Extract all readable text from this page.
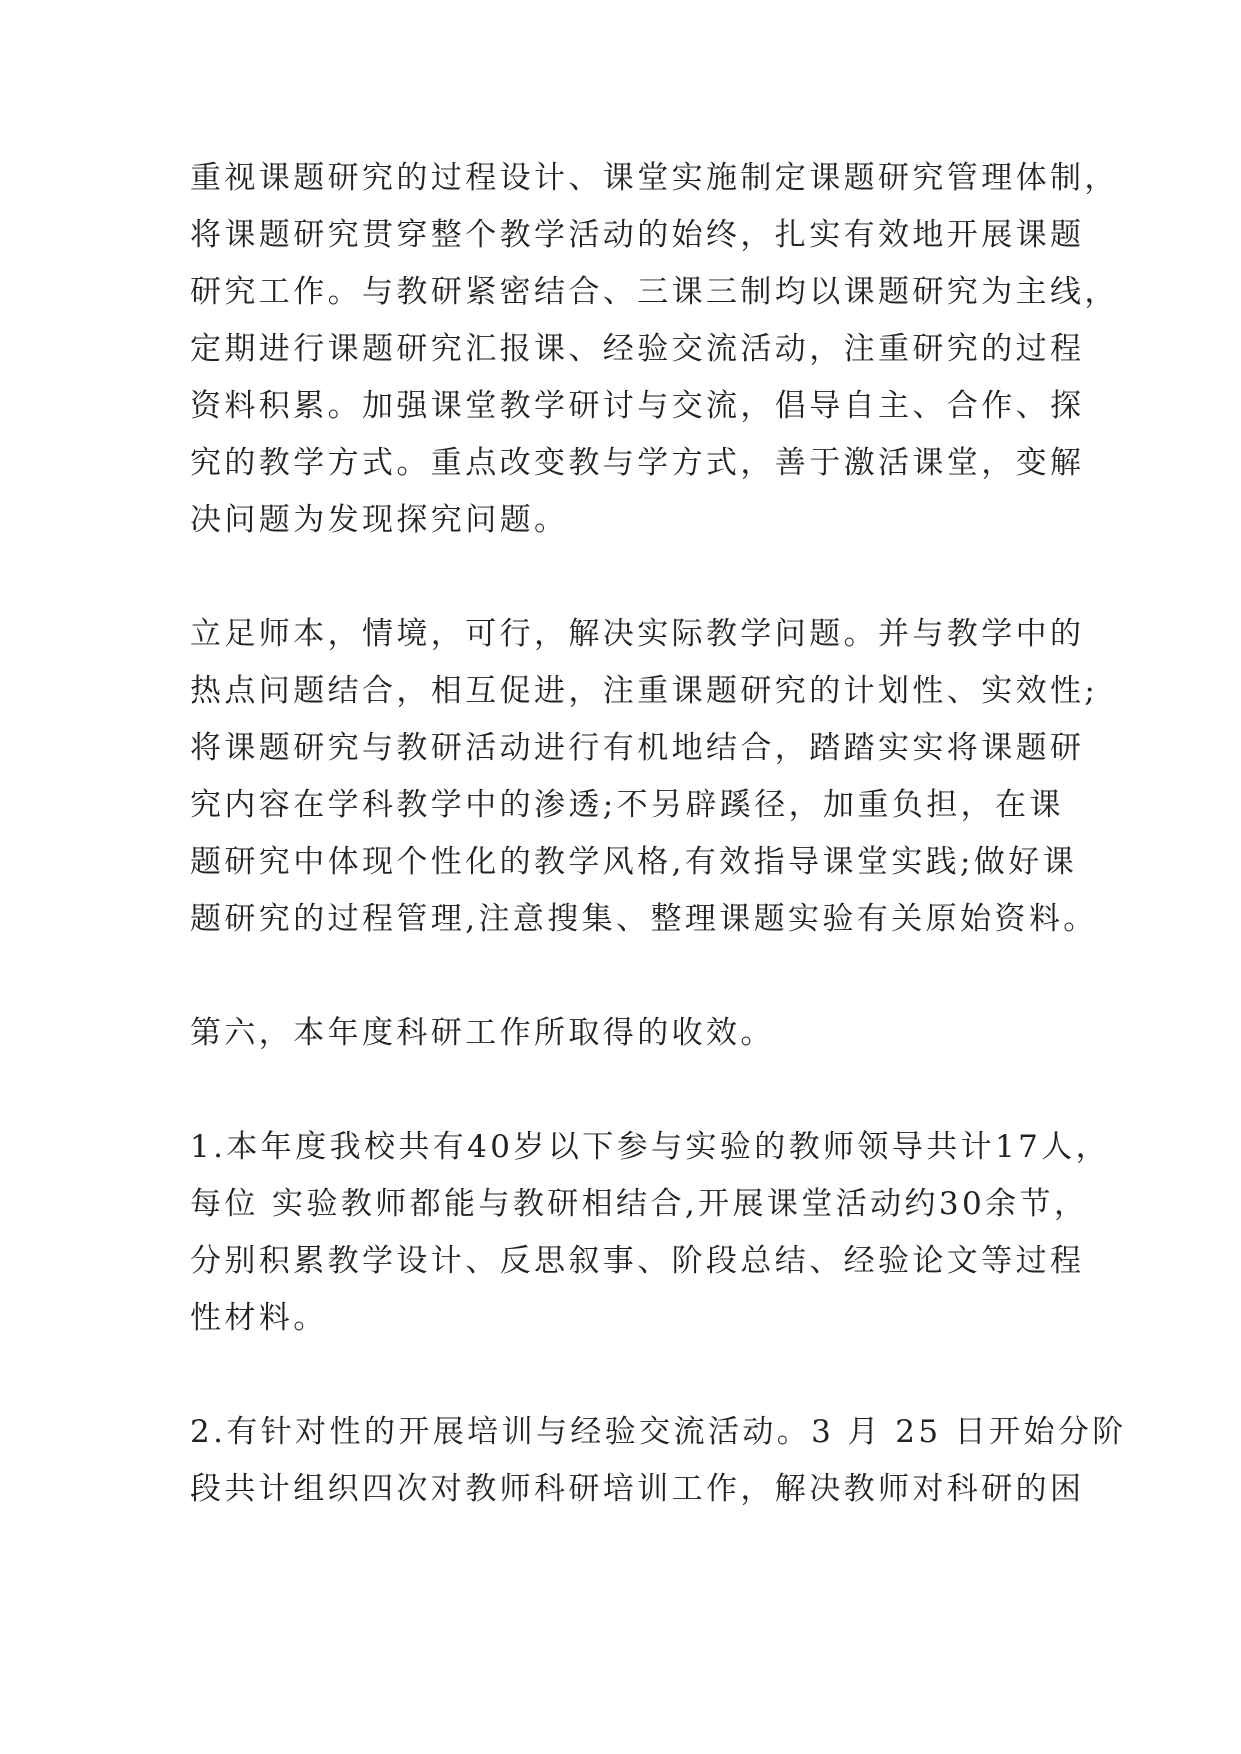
重视课题研究的过程设计、课堂实施制定课题研究管理体制，
将课题研究贯穿整个教学活动的始终，扎实有效地开展课题
研究工作。与教研紧密结合、三课三制均以课题研究为主线，
定期进行课题研究汇报课、经验交流活动，注重研究的过程
资料积累。加强课堂教学研讨与交流，倡导自主、合作、探
究的教学方式。重点改变教与学方式，善于激活课堂，变解
决问题为发现探究问题。
立足师本，情境，可行，解决实际教学问题。并与教学中的
热点问题结合，相互促进，注重课题研究的计划性、实效性;
将课题研究与教研活动进行有机地结合，踏踏实实将课题研
究内容在学科教学中的渗透;不另辟蹊径，加重负担，在课
题研究中体现个性化的教学风格,有效指导课堂实践;做好课
题研究的过程管理,注意搜集、整理课题实验有关原始资料。
第六，本年度科研工作所取得的收效。
1.本年度我校共有40岁以下参与实验的教师领导共计17人，
每位 实验教师都能与教研相结合,开展课堂活动约30余节，
分别积累教学设计、反思叙事、阶段总结、经验论文等过程
性材料。
2.有针对性的开展培训与经验交流活动。3 月 25 日开始分阶
段共计组织四次对教师科研培训工作，解决教师对科研的困
